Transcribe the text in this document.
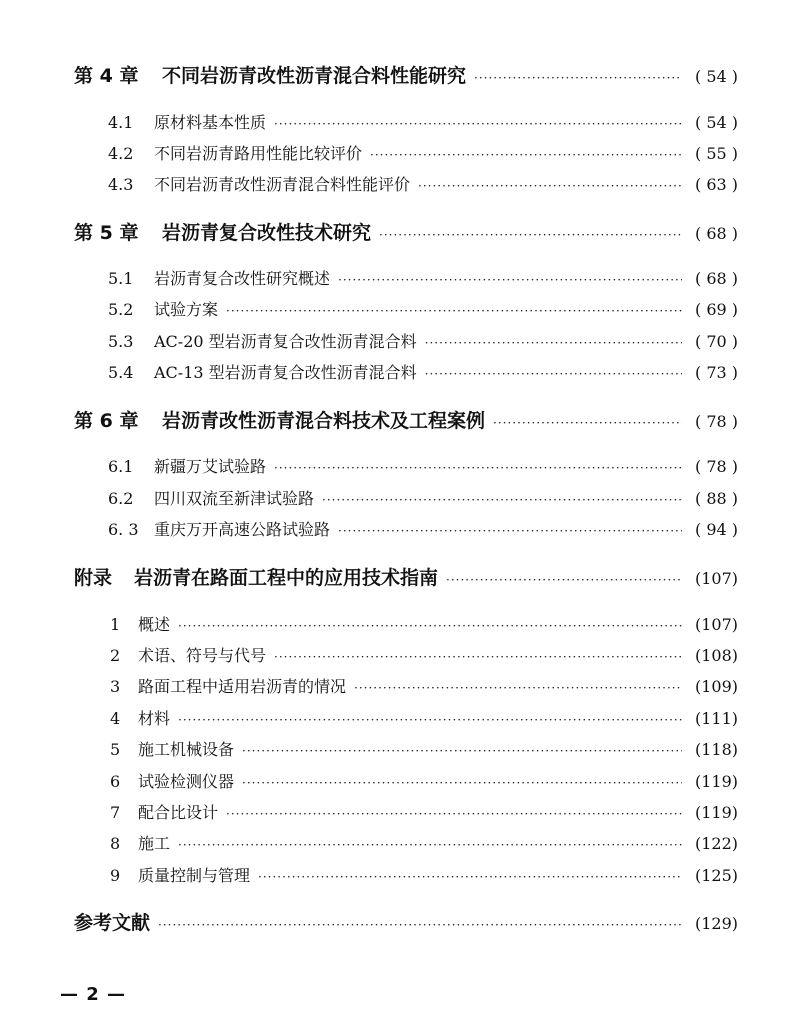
第 4 章	不同岩沥青改性沥青混合料性能研究 ·····	( 54 )
4.1	原材料基本性质 ·····	( 54 )
4.2	不同岩沥青路用性能比较评价 ·····	( 55 )
4.3	不同岩沥青改性沥青混合料性能评价 ·····	( 63 )
第 5 章	岩沥青复合改性技术研究 ·····	( 68 )
5.1	岩沥青复合改性研究概述 ·····	( 68 )
5.2	试验方案 ·····	( 69 )
5.3	AC-20 型岩沥青复合改性沥青混合料 ·····	( 70 )
5.4	AC-13 型岩沥青复合改性沥青混合料 ·····	( 73 )
第 6 章	岩沥青改性沥青混合料技术及工程案例 ·····	( 78 )
6.1	新疆万艾试验路 ·····	( 78 )
6.2	四川双流至新津试验路 ·····	( 88 )
6. 3 重庆万开高速公路试验路 ·····	( 94 )
附录	岩沥青在路面工程中的应用技术指南 ·····	(107)
1	概述 ·····	(107)
2	术语、符号与代号 ·····	(108)
3	路面工程中适用岩沥青的情况 ·····	(109)
4	材料 ·····	(111)
5	施工机械设备 ·····	(118)
6	试验检测仪器 ·····	(119)
7	配合比设计 ·····	(119)
8	施工 ·····	(122)
9	质量控制与管理 ·····	(125)
参考文献 ·····	(129)
— 2 —
